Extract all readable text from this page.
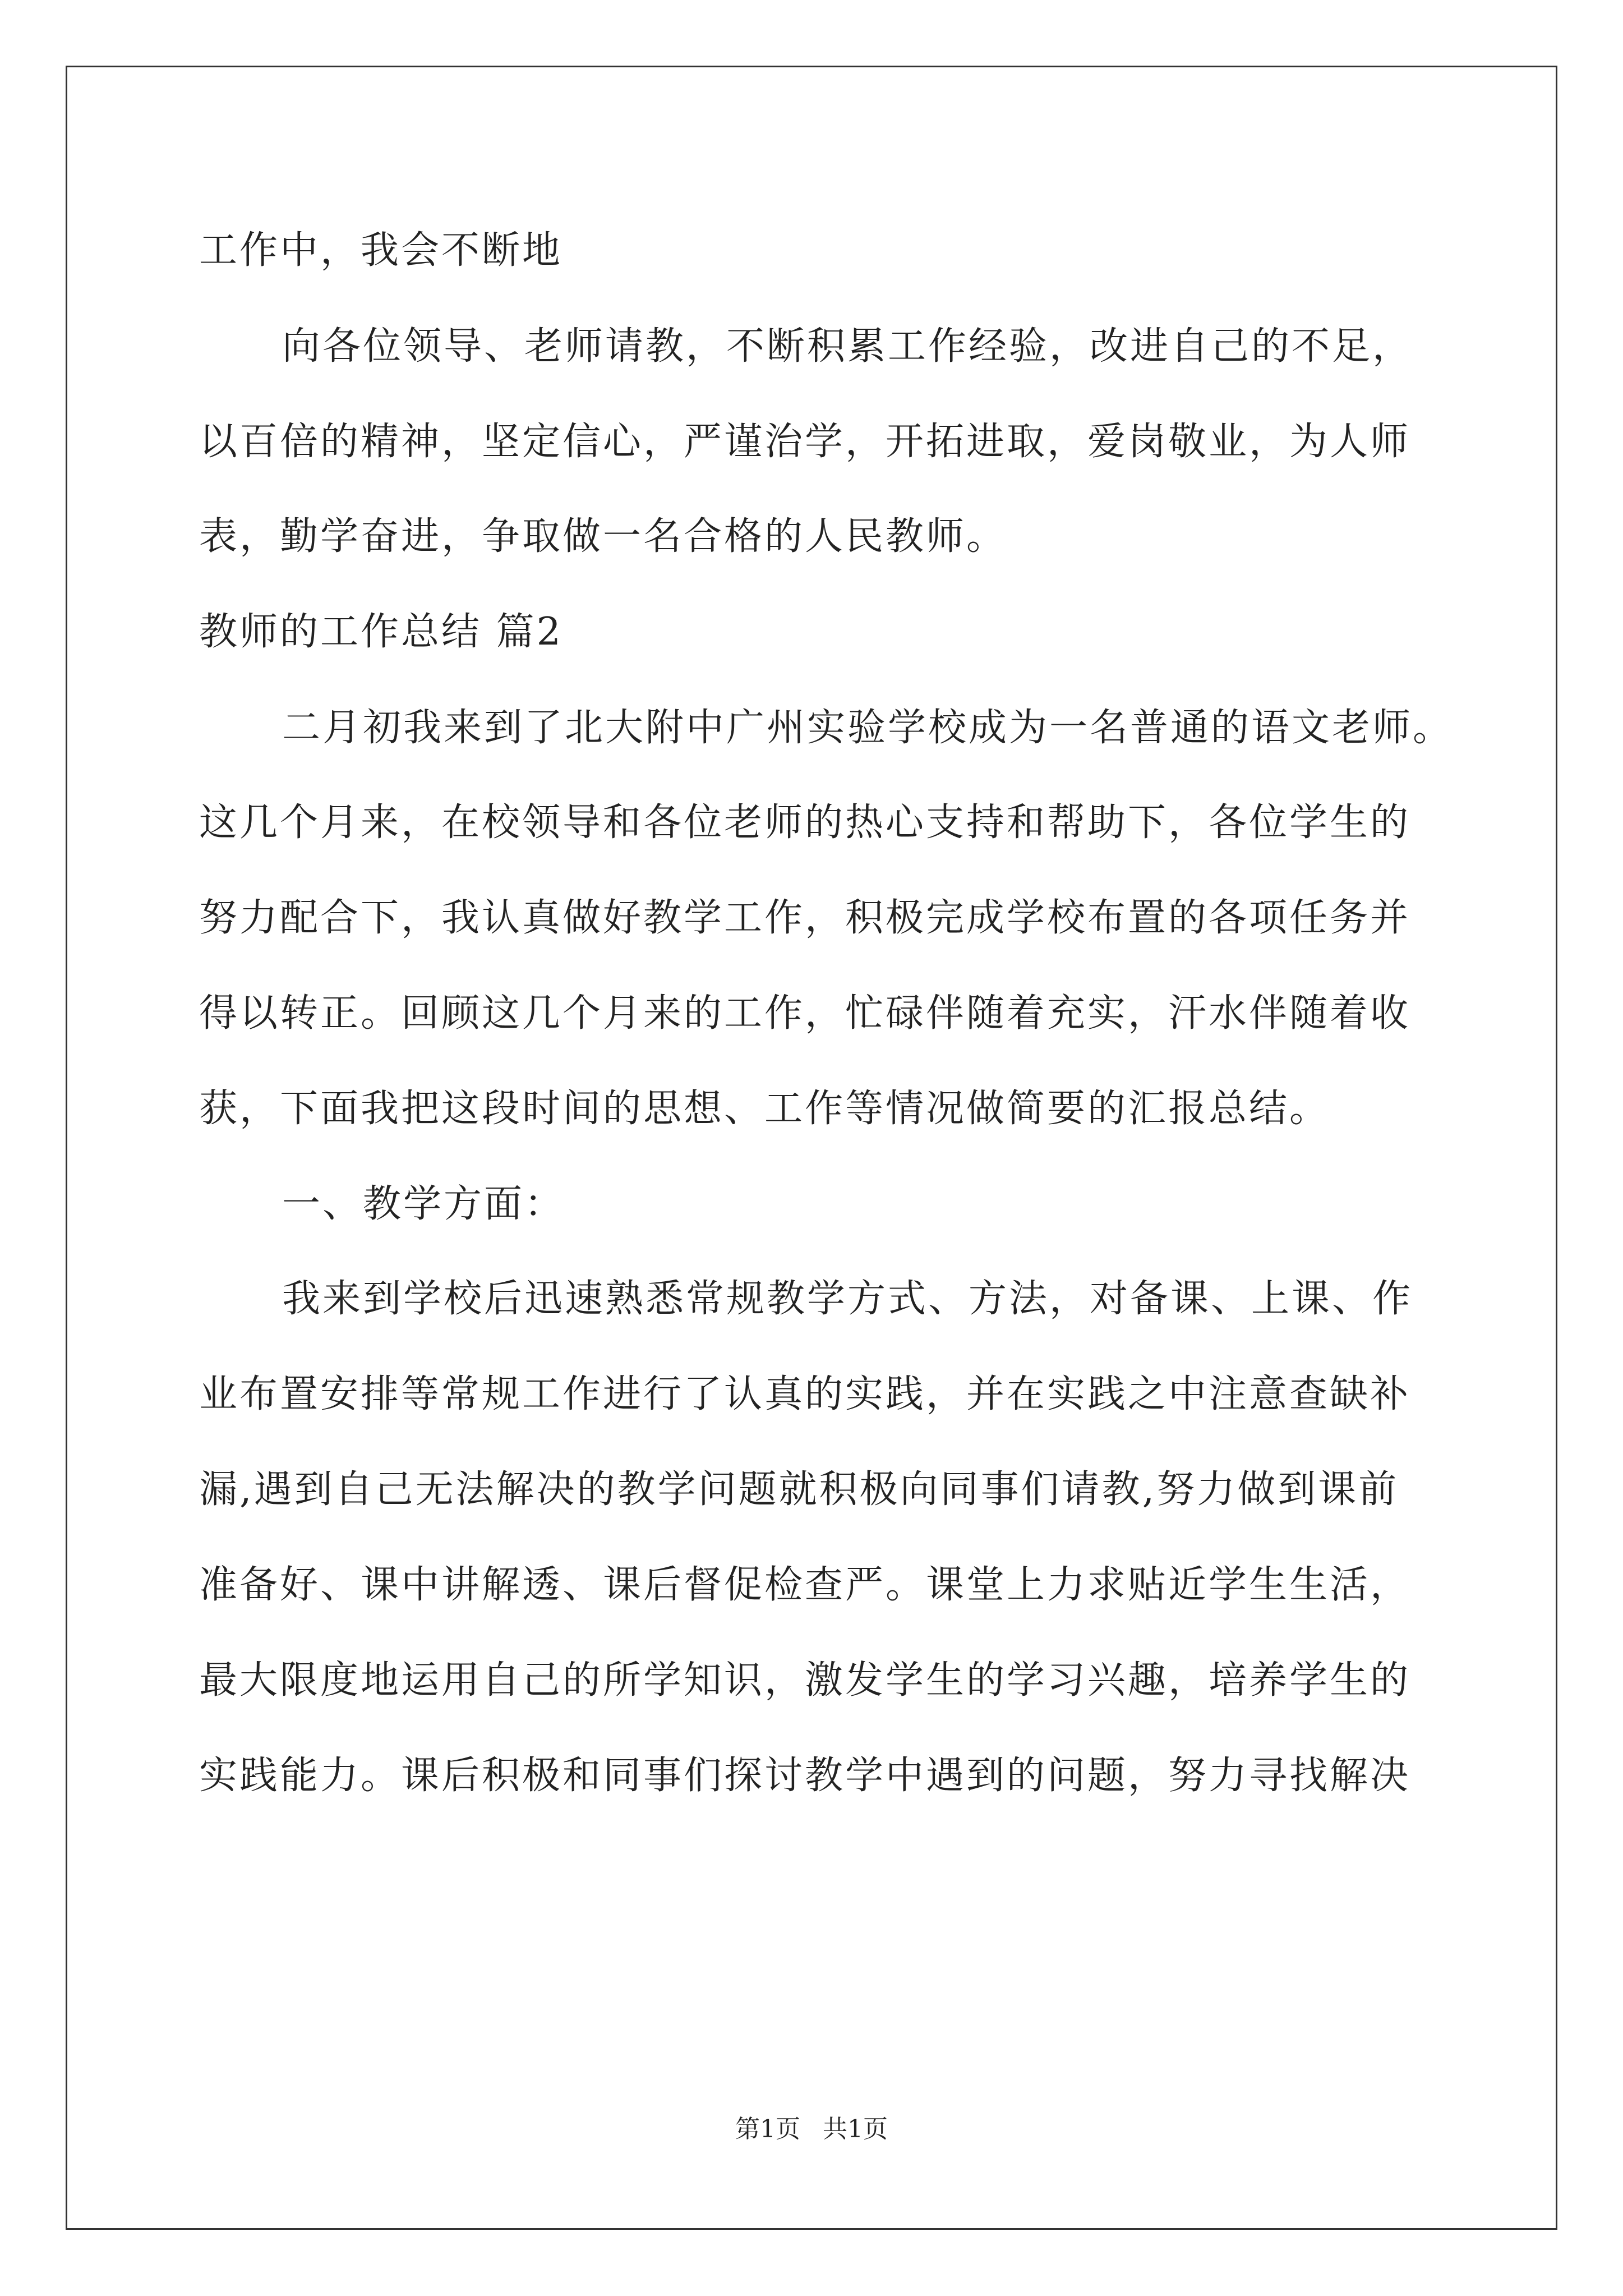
工作中，我会不断地
向各位领导、老师请教，不断积累工作经验，改进自己的不足，
以百倍的精神，坚定信心，严谨治学，开拓进取，爱岗敬业，为人师
表，勤学奋进，争取做一名合格的人民教师。
教师的工作总结 篇2
二月初我来到了北大附中广州实验学校成为一名普通的语文老师。
这几个月来，在校领导和各位老师的热心支持和帮助下，各位学生的
努力配合下，我认真做好教学工作，积极完成学校布置的各项任务并
得以转正。回顾这几个月来的工作，忙碌伴随着充实，汗水伴随着收
获，下面我把这段时间的思想、工作等情况做简要的汇报总结。
一、教学方面：
我来到学校后迅速熟悉常规教学方式、方法，对备课、上课、作
业布置安排等常规工作进行了认真的实践，并在实践之中注意查缺补
漏,遇到自己无法解决的教学问题就积极向同事们请教,努力做到课前
准备好、课中讲解透、课后督促检查严。课堂上力求贴近学生生活，
最大限度地运用自己的所学知识，激发学生的学习兴趣，培养学生的
实践能力。课后积极和同事们探讨教学中遇到的问题，努力寻找解决
第1页 共1页
